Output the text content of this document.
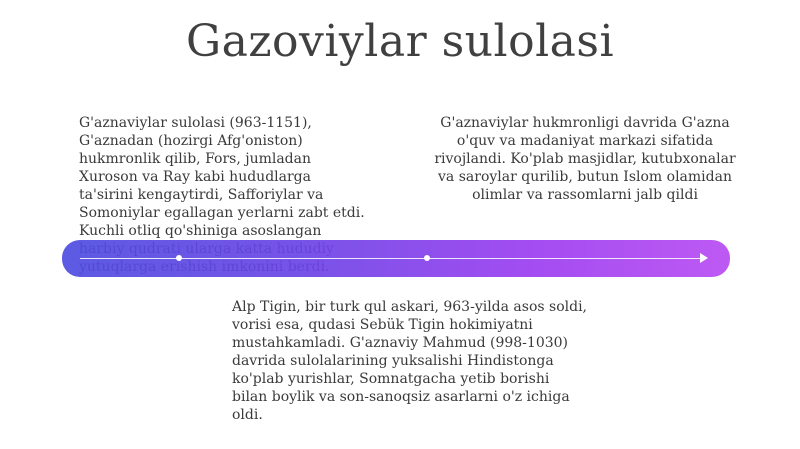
Gazoviylar sulolasi
G'aznaviylar sulolasi (963-1151),
G'aznadan (hozirgi Afg'oniston)
hukmronlik qilib, Fors, jumladan
Xuroson va Ray kabi hududlarga
ta'sirini kengaytirdi, Safforiylar va
Somoniylar egallagan yerlarni zabt etdi.
Kuchli otliq qo'shiniga asoslangan

G'aznaviylar hukmronligi davrida G'azna
o'quv va madaniyat markazi sifatida
rivojlandi. Ko'plab masjidlar, kutubxonalar
va saroylar qurilib, butun Islom olamidan
olimlar va rassomlarni jalb qildi
Alp Tigin, bir turk qul askari, 963-yilda asos soldi,
vorisi esa, qudasi Sebük Tigin hokimiyatni
mustahkamladi. G'aznaviy Mahmud (998-1030)
davrida sulolalarining yuksalishi Hindistonga
ko'plab yurishlar, Somnatgacha yetib borishi
bilan boylik va son-sanoqsiz asarlarni o'z ichiga
oldi.
